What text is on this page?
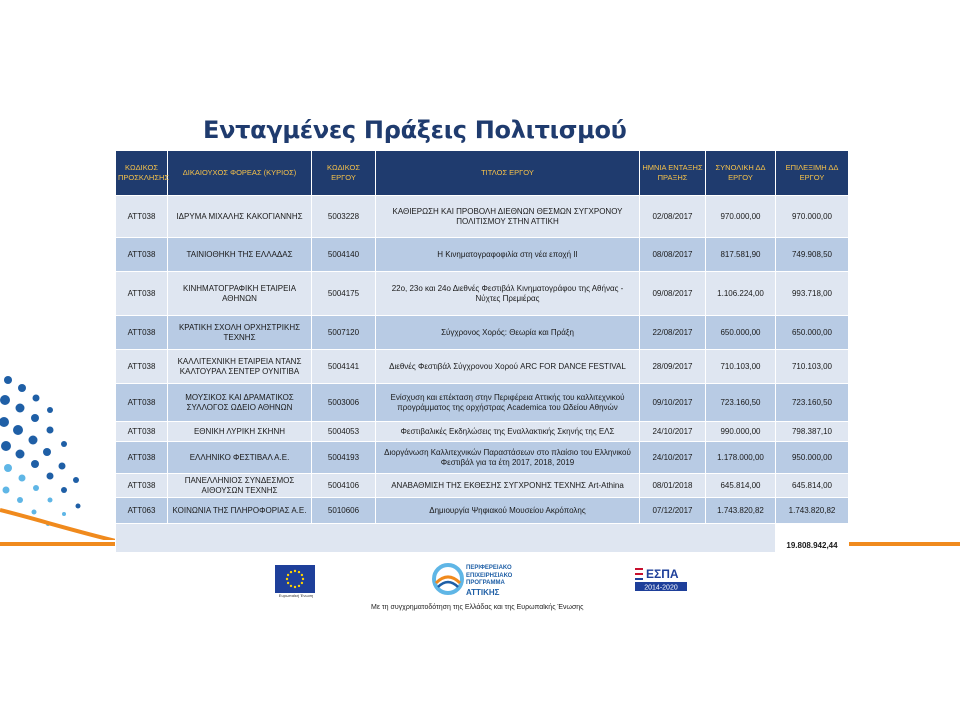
Ενταγμένες Πράξεις Πολιτισμού
ΚΩΔΙΚΟΣ ΠΡΟΣΚΛΗΣΗΣ	ΔΙΚΑΙΟΥΧΟΣ ΦΟΡΕΑΣ (ΚΥΡΙΟΣ)	ΚΩΔΙΚΟΣ ΕΡΓΟΥ	ΤΙΤΛΟΣ ΕΡΓΟΥ	ΗΜΝΙΑ ΕΝΤΑΞΗΣ ΠΡΑΞΗΣ	ΣΥΝΟΛΙΚΗ ΔΔ ΕΡΓΟΥ	ΕΠΙΛΕΞΙΜΗ ΔΔ ΕΡΓΟΥ
ΑΤΤ038	ΙΔΡΥΜΑ ΜΙΧΑΛΗΣ ΚΑΚΟΓΙΑΝΝΗΣ	5003228	ΚΑΘΙΕΡΩΣΗ ΚΑΙ ΠΡΟΒΟΛΗ ΔΙΕΘΝΩΝ ΘΕΣΜΩΝ ΣΥΓΧΡΟΝΟΥ ΠΟΛΙΤΙΣΜΟΥ ΣΤΗΝ ΑΤΤΙΚΗ	02/08/2017	970.000,00	970.000,00
ΑΤΤ038	ΤΑΙΝΙΟΘΗΚΗ ΤΗΣ ΕΛΛΑΔΑΣ	5004140	Η Κινηματογραφοφιλία στη νέα εποχή ΙΙ	08/08/2017	817.581,90	749.908,50
ΑΤΤ038	ΚΙΝΗΜΑΤΟΓΡΑΦΙΚΗ ΕΤΑΙΡΕΙΑ ΑΘΗΝΩΝ	5004175	22ο, 23ο και 24ο Διεθνές Φεστιβάλ Κινηματογράφου της Αθήνας - Νύχτες Πρεμιέρας	09/08/2017	1.106.224,00	993.718,00
ΑΤΤ038	ΚΡΑΤΙΚΗ ΣΧΟΛΗ ΟΡΧΗΣΤΡΙΚΗΣ ΤΕΧΝΗΣ	5007120	Σύγχρονος Χορός: Θεωρία και Πράξη	22/08/2017	650.000,00	650.000,00
ΑΤΤ038	ΚΑΛΛΙΤΕΧΝΙΚΗ ΕΤΑΙΡΕΙΑ ΝΤΑΝΣ ΚΑΛΤΟΥΡΑΛ ΣΕΝΤΕΡ ΟΥΝΙΤΙΒΑ	5004141	Διεθνές Φεστιβάλ Σύγχρονου Χορού ARC FOR DANCE FESTIVAL	28/09/2017	710.103,00	710.103,00
ΑΤΤ038	ΜΟΥΣΙΚΟΣ ΚΑΙ ΔΡΑΜΑΤΙΚΟΣ ΣΥΛΛΟΓΟΣ ΩΔΕΙΟ ΑΘΗΝΩΝ	5003006	Ενίσχυση και επέκταση στην Περιφέρεια Αττικής του καλλιτεχνικού προγράμματος της ορχήστρας Academica του Ωδείου Αθηνών	09/10/2017	723.160,50	723.160,50
ΑΤΤ038	ΕΘΝΙΚΗ ΛΥΡΙΚΗ ΣΚΗΝΗ	5004053	Φεστιβαλικές Εκδηλώσεις της Εναλλακτικής Σκηνής της ΕΛΣ	24/10/2017	990.000,00	798.387,10
ΑΤΤ038	ΕΛΛΗΝΙΚΟ ΦΕΣΤΙΒΑΛ Α.Ε.	5004193	Διοργάνωση Καλλιτεχνικών Παραστάσεων στο πλαίσιο του Ελληνικού Φεστιβάλ για τα έτη 2017, 2018, 2019	24/10/2017	1.178.000,00	950.000,00
ΑΤΤ038	ΠΑΝΕΛΛΗΝΙΟΣ ΣΥΝΔΕΣΜΟΣ ΑΙΘΟΥΣΩΝ ΤΕΧΝΗΣ	5004106	ΑΝΑΒΑΘΜΙΣΗ ΤΗΣ ΕΚΘΕΣΗΣ ΣΥΓΧΡΟΝΗΣ ΤΕΧΝΗΣ Art-Athina	08/01/2018	645.814,00	645.814,00
ΑΤΤ063	ΚΟΙΝΩΝΙΑ ΤΗΣ ΠΛΗΡΟΦΟΡΙΑΣ Α.Ε.	5010606	Δημιουργία Ψηφιακού Μουσείου Ακρόπολης	07/12/2017	1.743.820,82	1.743.820,82
						19.808.942,44
Ευρωπαϊκή Ένωση
ΠΕΡΙΦΕΡΕΙΑΚΟ
ΕΠΙΧΕΙΡΗΣΙΑΚΟ
ΠΡΟΓΡΑΜΜΑ
ΑΤΤΙΚΗΣ
ΕΣΠΑ
2014-2020
Με τη συγχρηματοδότηση της Ελλάδας και της Ευρωπαϊκής Ένωσης
